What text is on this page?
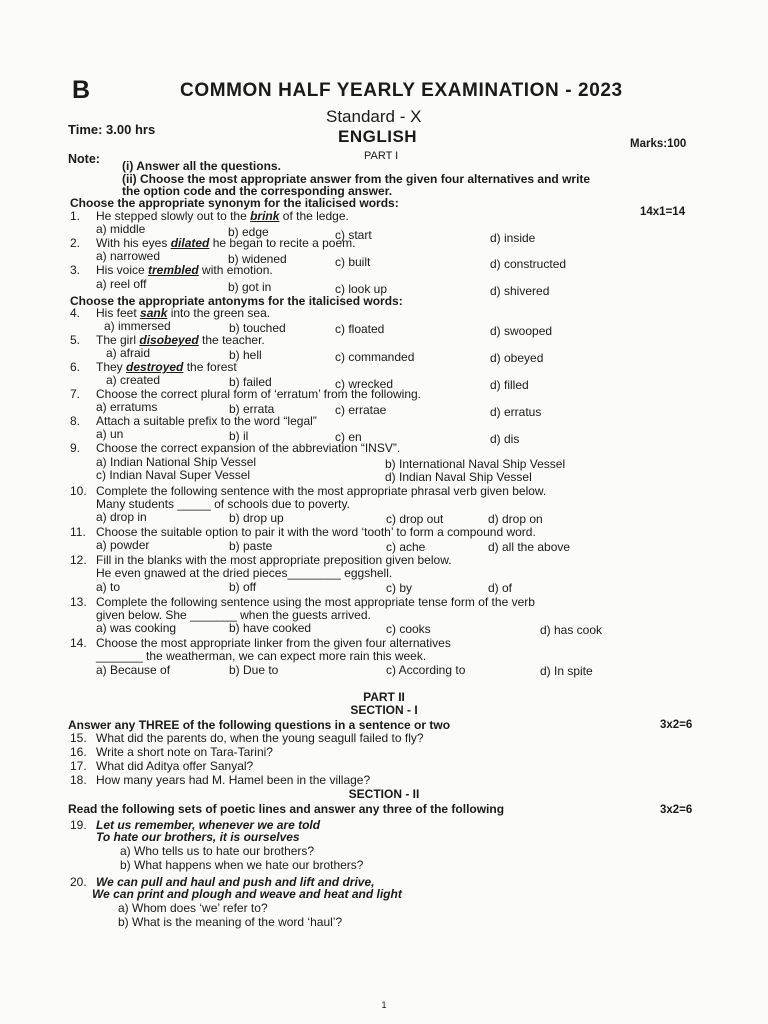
B	COMMON HALF YEARLY EXAMINATION - 2023
Standard - X
Time: 3.00 hrs	ENGLISH	Marks:100
PART I
Note: (i) Answer all the questions.
(ii) Choose the most appropriate answer from the given four alternatives and write
the option code and the corresponding answer.
Choose the appropriate synonym for the italicised words:
14x1=14
1. He stepped slowly out to the brink of the ledge.
a) middle	b) edge	c) start	d) inside
2. With his eyes dilated he began to recite a poem.
a) narrowed	b) widened	c) built	d) constructed
3. His voice trembled with emotion.
a) reel off	b) got in	c) look up	d) shivered
Choose the appropriate antonyms for the italicised words:
4. His feet sank into the green sea.
a) immersed	b) touched	c) floated	d) swooped
5. The girl disobeyed the teacher.
a) afraid	b) hell	c) commanded	d) obeyed
6. They destroyed the forest
a) created	b) failed	c) wrecked	d) filled
7. Choose the correct plural form of ‘erratum’ from the following.
a) erratums	b) errata	c) erratae	d) erratus
8. Attach a suitable prefix to the word “legal”
a) un	b) il	c) en	d) dis
9. Choose the correct expansion of the abbreviation “INSV”.
a) Indian National Ship Vessel	b) International Naval Ship Vessel
c) Indian Naval Super Vessel	d) Indian Naval Ship Vessel
10. Complete the following sentence with the most appropriate phrasal verb given below.
Many students _____ of schools due to poverty.
a) drop in	b) drop up	c) drop out	d) drop on
11. Choose the suitable option to pair it with the word ‘tooth’ to form a compound word.
a) powder	b) paste	c) ache	d) all the above
12. Fill in the blanks with the most appropriate preposition given below.
He even gnawed at the dried pieces________ eggshell.
a) to	b) off	c) by	d) of
13. Complete the following sentence using the most appropriate tense form of the verb
given below. She _______ when the guests arrived.
a) was cooking	b) have cooked	c) cooks	d) has cook
14. Choose the most appropriate linker from the given four alternatives
_______ the weatherman, we can expect more rain this week.
a) Because of	b) Due to	c) According to	d) In spite
PART II
SECTION - I
Answer any THREE of the following questions in a sentence or two	3x2=6
15. What did the parents do, when the young seagull failed to fly?
16. Write a short note on Tara-Tarini?
17. What did Aditya offer Sanyal?
18. How many years had M. Hamel been in the village?
SECTION - II
Read the following sets of poetic lines and answer any three of the following	3x2=6
19. Let us remember, whenever we are told
To hate our brothers, it is ourselves
a) Who tells us to hate our brothers?
b) What happens when we hate our brothers?
20. We can pull and haul and push and lift and drive,
We can print and plough and weave and heat and light
a) Whom does ‘we’ refer to?
b) What is the meaning of the word ‘haul’?
1
